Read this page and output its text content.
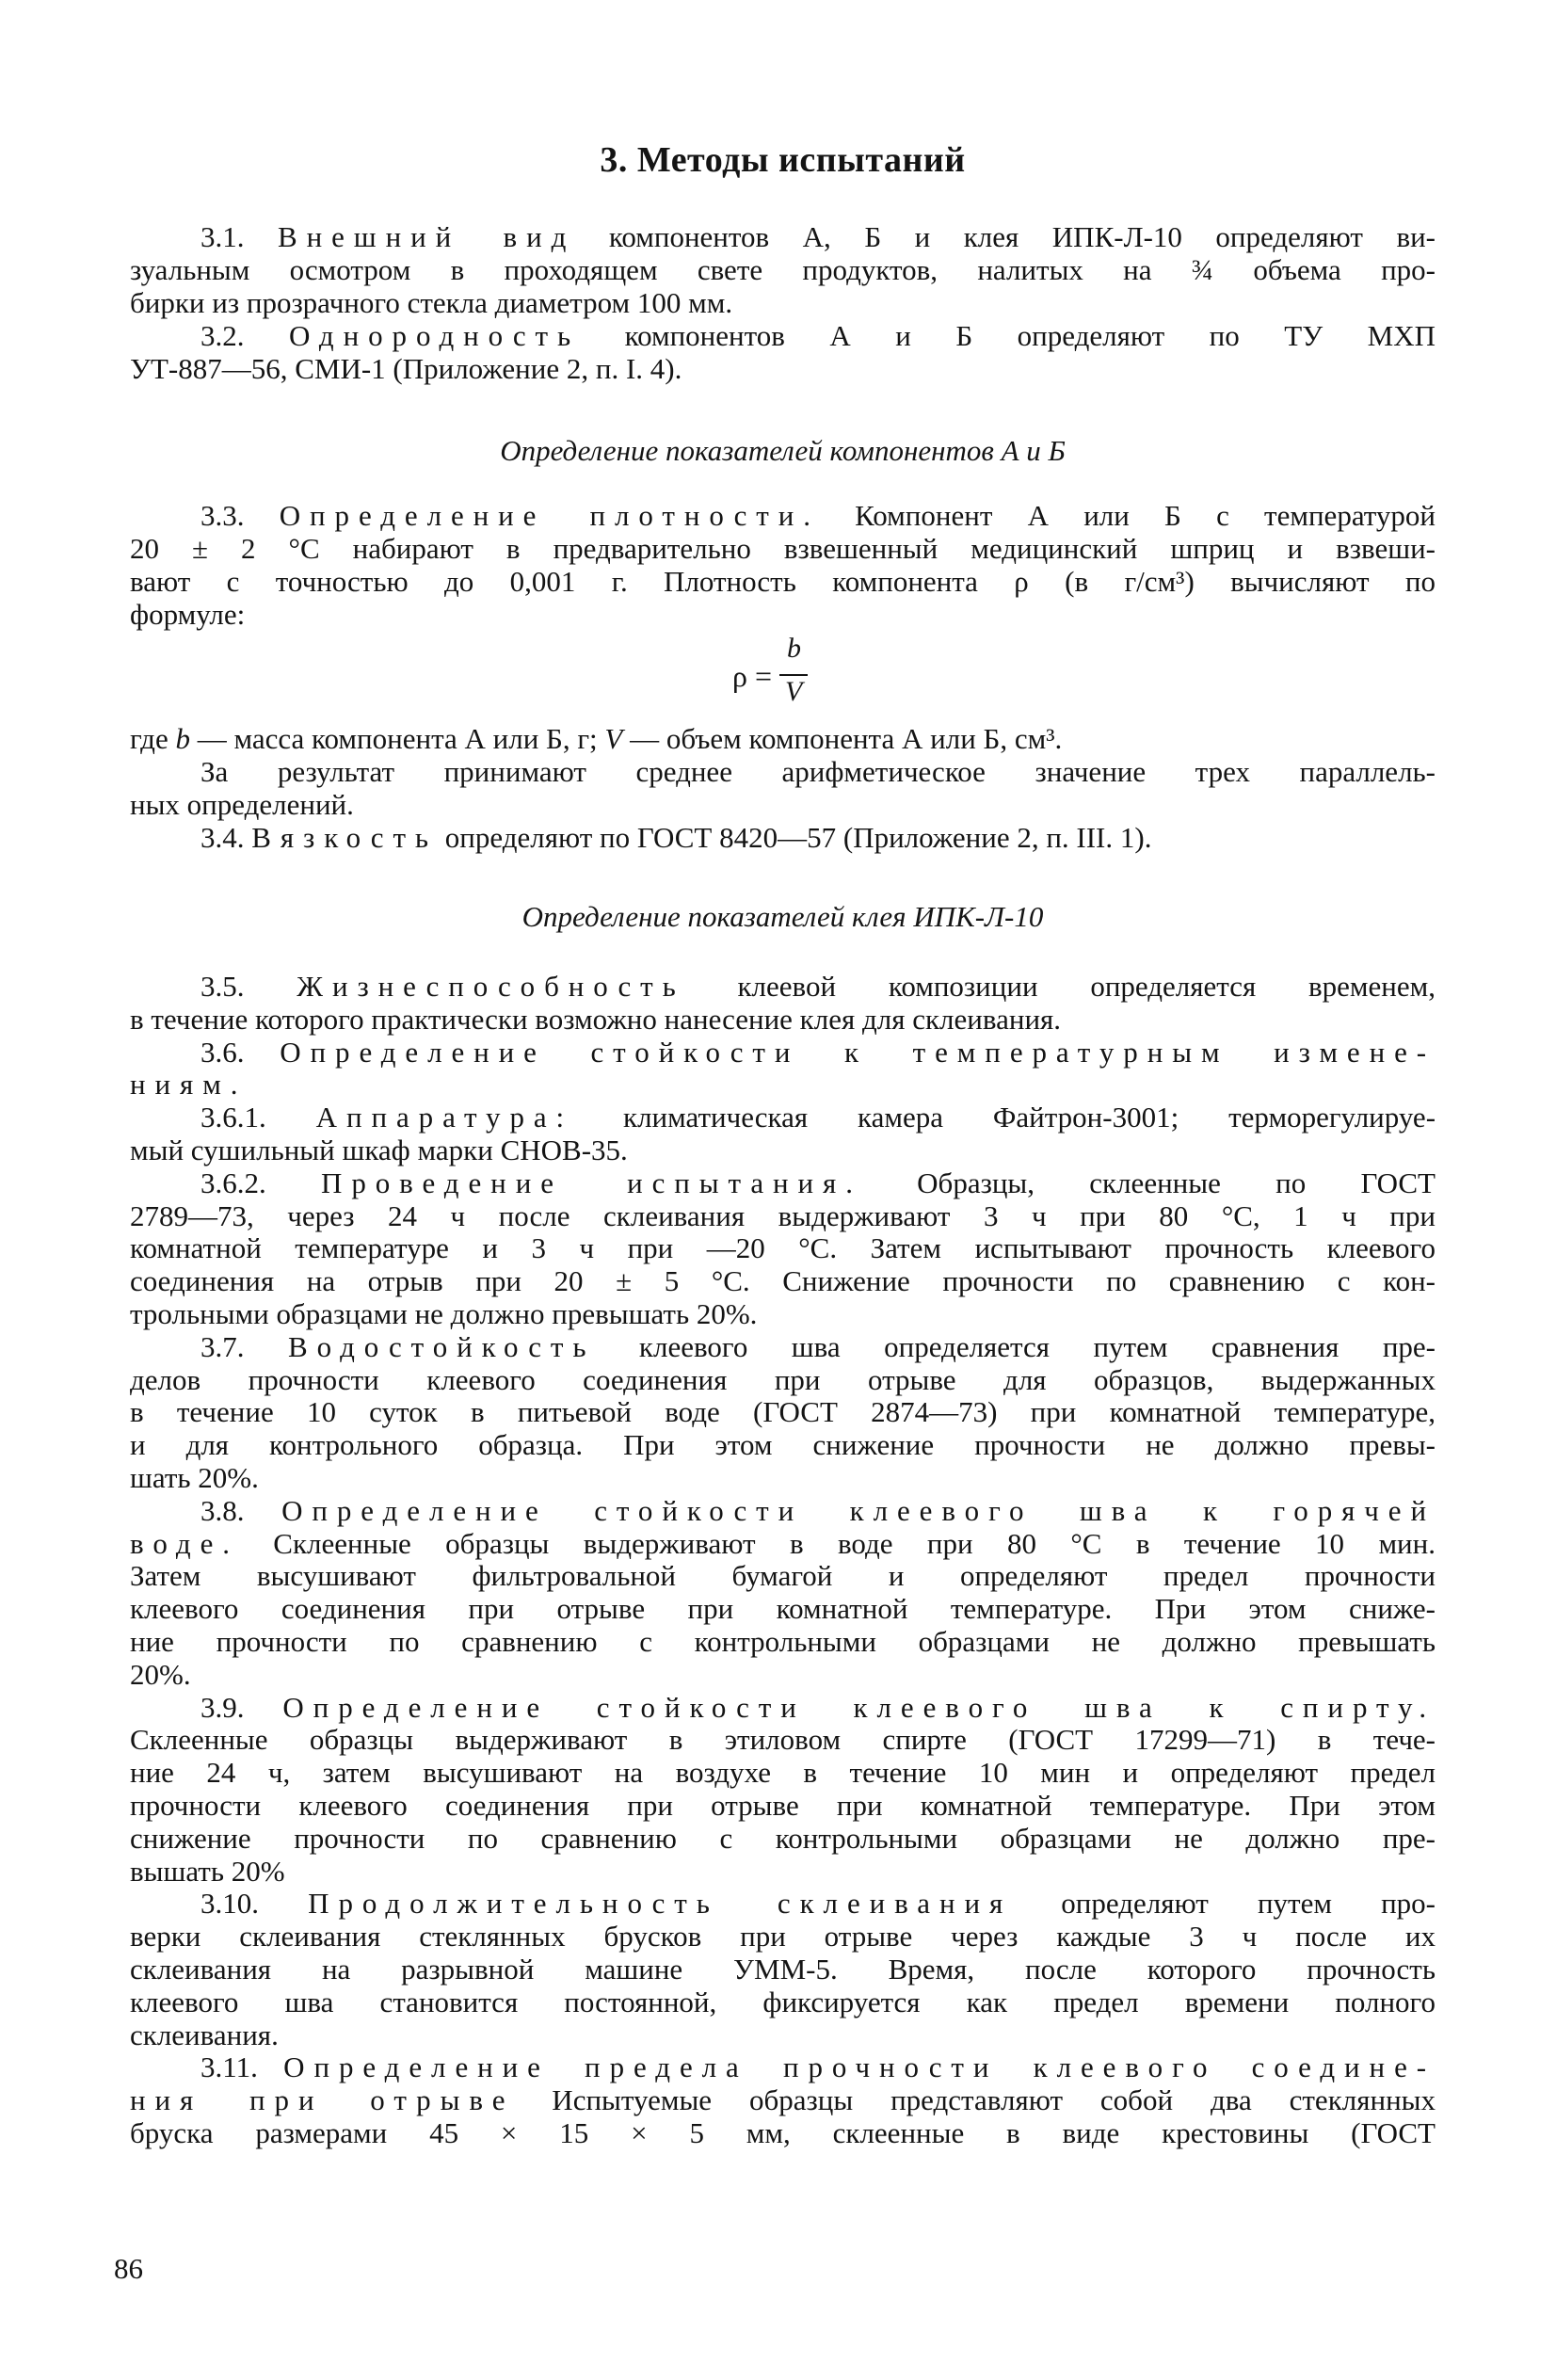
3. Методы испытаний
3.1. Внешний вид компонентов А, Б и клея ИПК-Л-10 определяют ви-
зуальным осмотром в проходящем свете продуктов, налитых на ¾ объема про-
бирки из прозрачного стекла диаметром 100 мм.
3.2. Однородность компонентов А и Б определяют по ТУ МХП
УТ-887—56, СМИ-1 (Приложение 2, п. I. 4).
Определение показателей компонентов А и Б
3.3. Определение плотности. Компонент А или Б с температурой
20 ± 2 °С набирают в предварительно взвешенный медицинский шприц и взвеши-
вают с точностью до 0,001 г. Плотность компонента ρ (в г/см³) вычисляют по
формуле:
ρ =
b
V
где b — масса компонента А или Б, г; V — объем компонента А или Б, см³.
За результат принимают среднее арифметическое значение трех параллель-
ных определений.
3.4. Вязкость определяют по ГОСТ 8420—57 (Приложение 2, п. III. 1).
Определение показателей клея ИПК-Л-10
3.5. Жизнеспособность клеевой композиции определяется временем,
в течение которого практически возможно нанесение клея для склеивания.
3.6. Определение стойкости к температурным измене-
ниям.
3.6.1. Аппаратура: климатическая камера Файтрон-3001; терморегулируе-
мый сушильный шкаф марки СНОВ-35.
3.6.2. Проведение испытания. Образцы, склеенные по ГОСТ
2789—73, через 24 ч после склеивания выдерживают 3 ч при 80 °С, 1 ч при
комнатной температуре и 3 ч при —20 °С. Затем испытывают прочность клеевого
соединения на отрыв при 20 ± 5 °С. Снижение прочности по сравнению с кон-
трольными образцами не должно превышать 20%.
3.7. Водостойкость клеевого шва определяется путем сравнения пре-
делов прочности клеевого соединения при отрыве для образцов, выдержанных
в течение 10 суток в питьевой воде (ГОСТ 2874—73) при комнатной температуре,
и для контрольного образца. При этом снижение прочности не должно превы-
шать 20%.
3.8. Определение стойкости клеевого шва к горячей
воде. Склеенные образцы выдерживают в воде при 80 °С в течение 10 мин.
Затем высушивают фильтровальной бумагой и определяют предел прочности
клеевого соединения при отрыве при комнатной температуре. При этом сниже-
ние прочности по сравнению с контрольными образцами не должно превышать
20%.
3.9. Определение стойкости клеевого шва к спирту.
Склеенные образцы выдерживают в этиловом спирте (ГОСТ 17299—71) в тече-
ние 24 ч, затем высушивают на воздухе в течение 10 мин и определяют предел
прочности клеевого соединения при отрыве при комнатной температуре. При этом
снижение прочности по сравнению с контрольными образцами не должно пре-
вышать 20%
3.10. Продолжительность склеивания определяют путем про-
верки склеивания стеклянных брусков при отрыве через каждые 3 ч после их
склеивания на разрывной машине УММ-5. Время, после которого прочность
клеевого шва становится постоянной, фиксируется как предел времени полного
склеивания.
3.11. Определение предела прочности клеевого соедине-
ния при отрыве Испытуемые образцы представляют собой два стеклянных
бруска размерами 45 × 15 × 5 мм, склеенные в виде крестовины (ГОСТ
86
